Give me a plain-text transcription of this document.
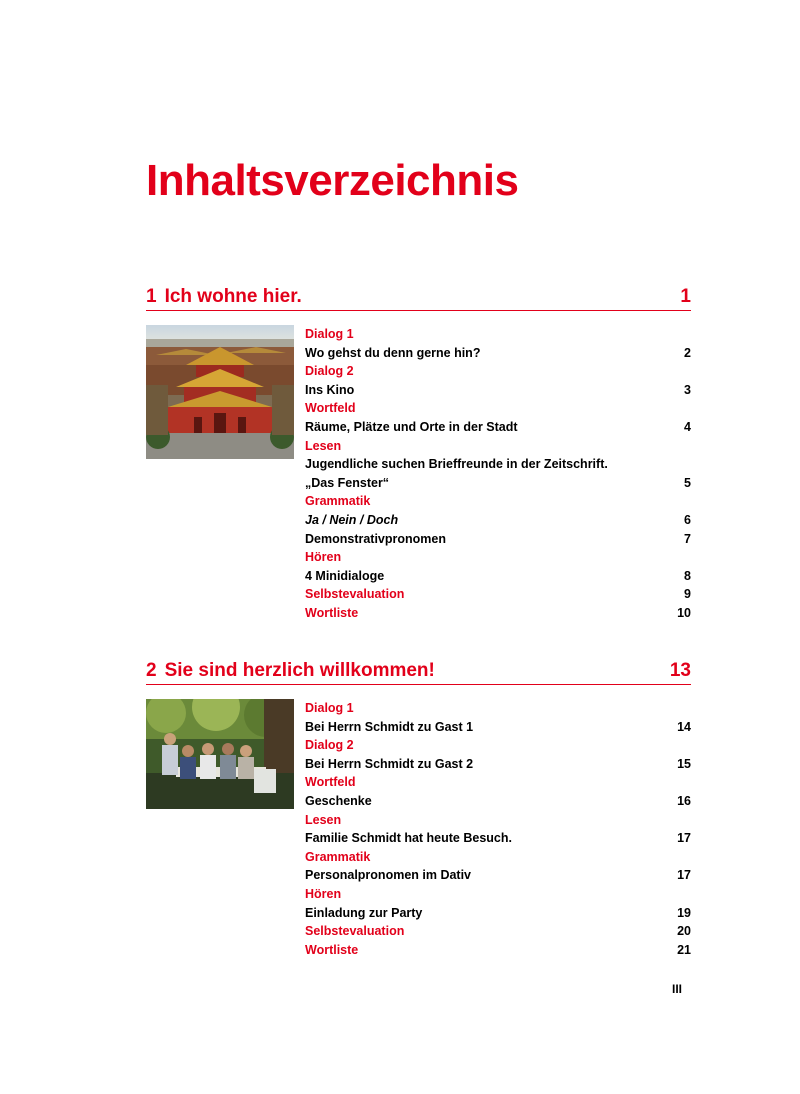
Inhaltsverzeichnis
1 Ich wohne hier.	1
Dialog 1
Wo gehst du denn gerne hin?	2
Dialog 2
Ins Kino	3
Wortfeld
Räume, Plätze und Orte in der Stadt	4
Lesen
Jugendliche suchen Brieffreunde in der Zeitschrift.
„Das Fenster“	5
Grammatik
Ja / Nein / Doch	6
Demonstrativpronomen	7
Hören
4 Minidialoge	8
Selbstevaluation	9
Wortliste	10
2 Sie sind herzlich willkommen!	13
Dialog 1
Bei Herrn Schmidt zu Gast 1	14
Dialog 2
Bei Herrn Schmidt zu Gast 2	15
Wortfeld
Geschenke	16
Lesen
Familie Schmidt hat heute Besuch.	17
Grammatik
Personalpronomen im Dativ	17
Hören
Einladung zur Party	19
Selbstevaluation	20
Wortliste	21
III
